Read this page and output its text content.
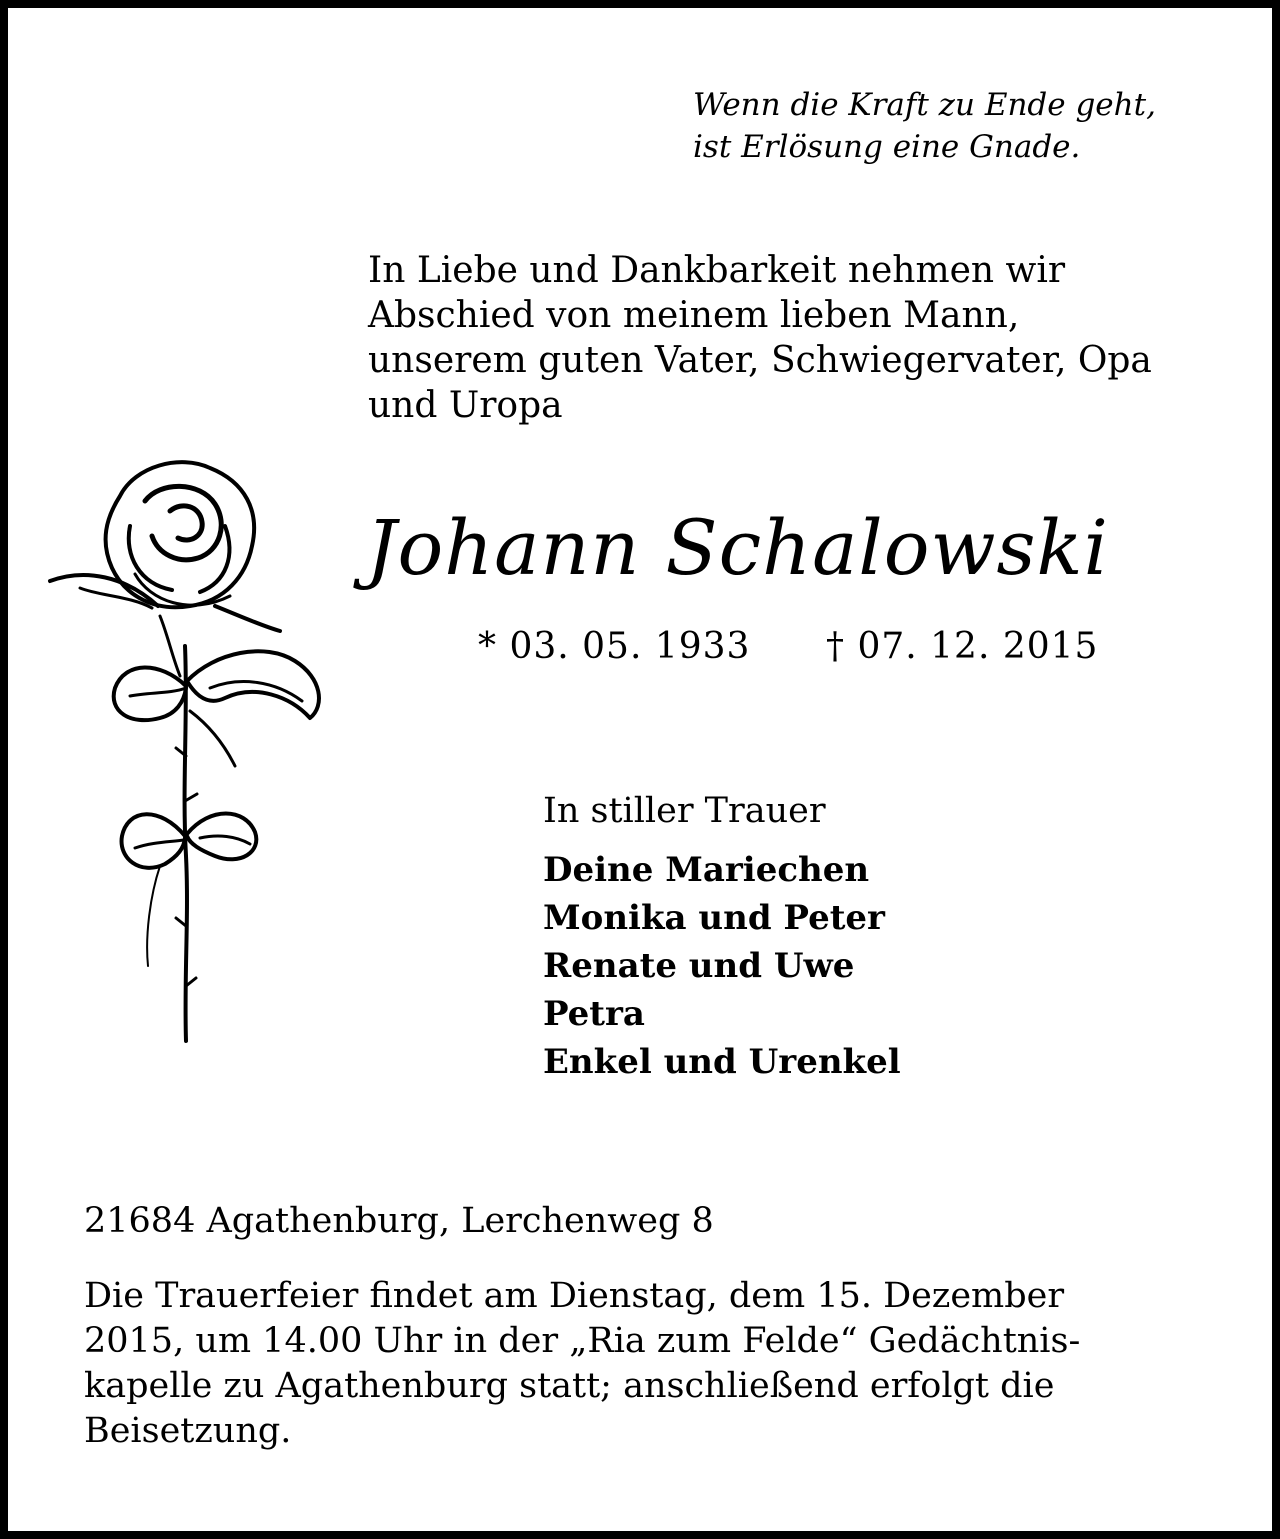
Wenn die Kraft zu Ende geht,
ist Erlösung eine Gnade.
In Liebe und Dankbarkeit nehmen wir
Abschied von meinem lieben Mann,
unserem guten Vater, Schwiegervater, Opa
und Uropa
Johann Schalowski
* 03. 05. 1933 † 07. 12. 2015
In stiller Trauer
Deine Mariechen
Monika und Peter
Renate und Uwe
Petra
Enkel und Urenkel
21684 Agathenburg, Lerchenweg 8
Die Trauerfeier findet am Dienstag, dem 15. Dezember
2015, um 14.00 Uhr in der „Ria zum Felde“ Gedächtnis-
kapelle zu Agathenburg statt; anschließend erfolgt die
Beisetzung.
